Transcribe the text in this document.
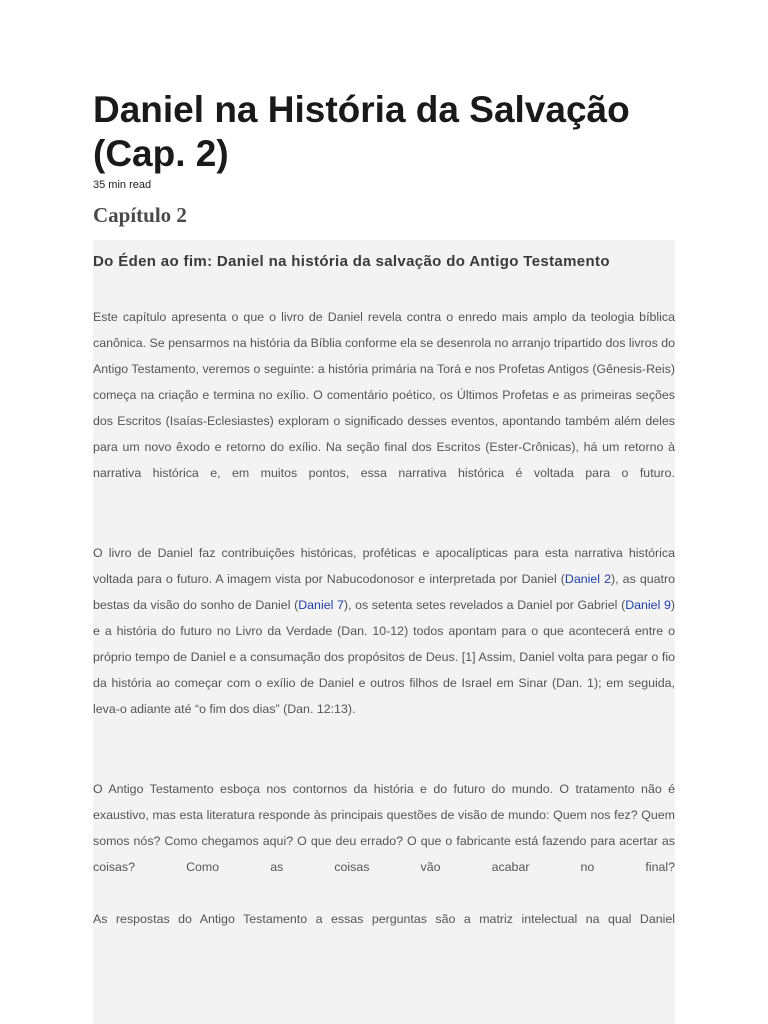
Daniel na História da Salvação (Cap. 2)
35 min read
Capítulo 2
Do Éden ao fim: Daniel na história da salvação do Antigo Testamento

Este capítulo apresenta o que o livro de Daniel revela contra o enredo mais amplo da teologia bíblica canônica. Se pensarmos na história da Bíblia conforme ela se desenrola no arranjo tripartido dos livros do Antigo Testamento, veremos o seguinte: a história primária na Torá e nos Profetas Antigos (Gênesis-Reis) começa na criação e termina no exílio. O comentário poético, os Últimos Profetas e as primeiras seções dos Escritos (Isaías-Eclesiastes) exploram o significado desses eventos, apontando também além deles para um novo êxodo e retorno do exílio. Na seção final dos Escritos (Ester-Crônicas), há um retorno à narrativa histórica e, em muitos pontos, essa narrativa histórica é voltada para o futuro.

O livro de Daniel faz contribuições históricas, proféticas e apocalípticas para esta narrativa histórica voltada para o futuro. A imagem vista por Nabucodonosor e interpretada por Daniel (Daniel 2), as quatro bestas da visão do sonho de Daniel (Daniel 7), os setenta setes revelados a Daniel por Gabriel (Daniel 9) e a história do futuro no Livro da Verdade (Dan. 10-12) todos apontam para o que acontecerá entre o próprio tempo de Daniel e a consumação dos propósitos de Deus. [1] Assim, Daniel volta para pegar o fio da história ao começar com o exílio de Daniel e outros filhos de Israel em Sinar (Dan. 1); em seguida, leva-o adiante até “o fim dos dias” (Dan. 12:13).

O Antigo Testamento esboça nos contornos da história e do futuro do mundo. O tratamento não é exaustivo, mas esta literatura responde às principais questões de visão de mundo: Quem nos fez? Quem somos nós? Como chegamos aqui? O que deu errado? O que o fabricante está fazendo para acertar as coisas? Como as coisas vão acabar no final?

As respostas do Antigo Testamento a essas perguntas são a matriz intelectual na qual Daniel
